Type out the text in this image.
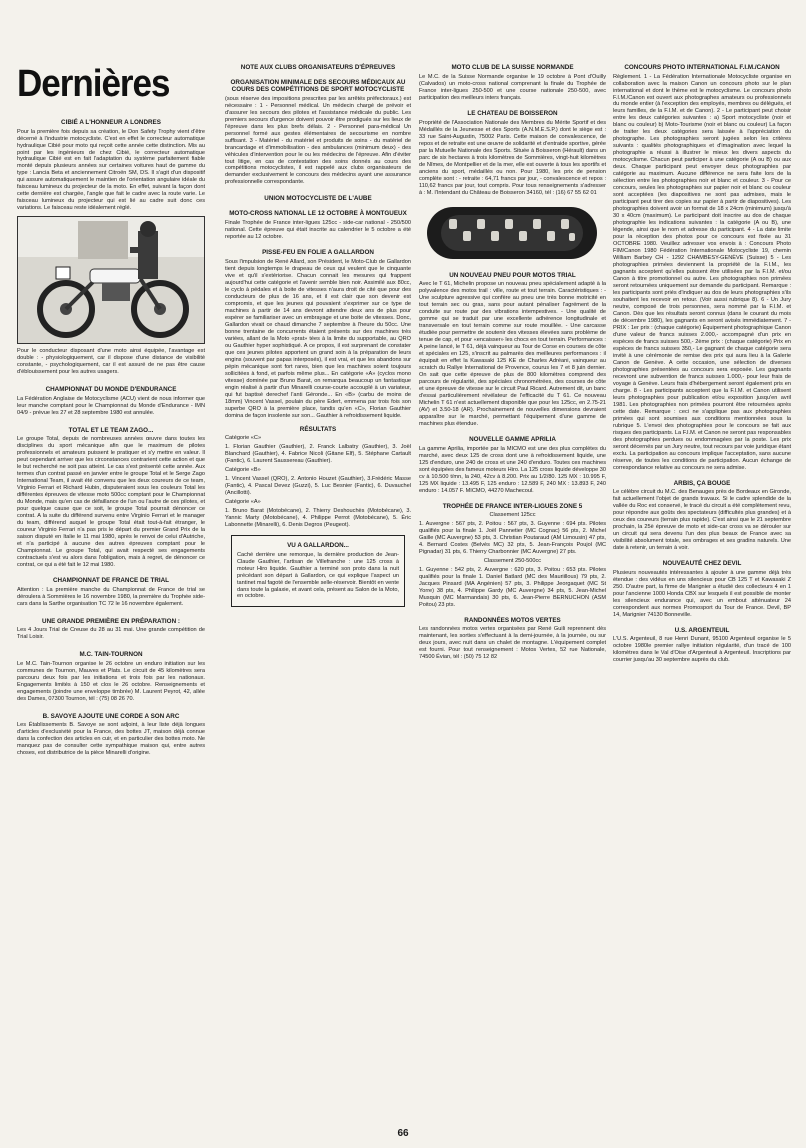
Dernières
CIBIÉ A L'HONNEUR A LONDRES

Pour la première fois depuis sa création, le Don Safety Trophy vient d'être décerné à l'industrie motocycliste. C'est en effet le correcteur automatique hydraulique Cibié pour moto qui reçoit cette année cette distinction. Mis au point par les ingénieurs de chez Cibié, le correcteur automatique hydraulique Cibié est en fait l'adaptation du système parfaitement fiable monté depuis plusieurs années sur certaines voitures haut de gamme du type : Lancia Beta et anciennement Citroën SM, DS. Il s'agit d'un dispositif qui assure automatiquement le maintien de l'orientation angulaire idéale du faisceau lumineux du projecteur de la moto. En effet, suivant la façon dont cette dernière est chargée, l'angle que fait le cadre avec la route varie. Le faisceau lumineux du projecteur qui est lié au cadre suit donc ces variations. Le faisceau reste idéalement réglé.

Pour le conducteur disposant d'une moto ainsi équipée, l'avantage est double : - physiologiquement, car il dispose d'une distance de visibilité constante, - psychologiquement, car il est assuré de ne pas être cause d'éblouissement pour les autres usagers.

CHAMPIONNAT DU MONDE D'ENDURANCE

La Fédération Anglaise de Motocyclisme (ACU) vient de nous informer que leur manche comptant pour le Championnat du Monde d'Endurance - IMN 04/9 - prévue les 27 et 28 septembre 1980 est annulée.

TOTAL ET LE TEAM ZAGO...

Le groupe Total, depuis de nombreuses années œuvre dans toutes les disciplines du sport mécanique afin que le maximum de pilotes professionnels et amateurs puissent le pratiquer et s'y mettre en valeur. Il peut cependant arriver que les circonstances contrarient cette action et que le but recherché ne soit pas atteint. Le cas s'est présenté cette année. Aux termes d'un contrat passé en janvier entre le groupe Total et le Serge Zago International Team, il avait été convenu que les deux coureurs de ce team, Virginio Ferrari et Richard Hubin, disputeraient sous les couleurs Total les différentes épreuves de vitesse moto 500cc comptant pour le Championnat du Monde, mais qu'en cas de défaillance de l'un ou l'autre de ces pilotes, et pour quelque cause que ce soit, le groupe Total pourrait dénoncer ce contrat. A la suite du différend survenu entre Virginio Ferrari et le manager du team, différend auquel le groupe Total était tout-à-fait étranger, le coureur Virginio Ferrari n'a pas pris le départ du premier Grand Prix de la saison disputé en Italie le 11 mai 1980, après le renvoi de celui d'Autriche, et n'a participé à aucune des autres épreuves comptant pour le Championnat. Le groupe Total, qui avait respecté ses engagements contractuels s'est vu alors dans l'obligation, mais à regret, de dénoncer ce contrat, ce qui a été fait le 12 mai 1980.

CHAMPIONNAT DE FRANCE DE TRIAL

Attention : La première manche du Championnat de France de trial se déroulera à Sommières le 16 novembre 1980, la première du Trophée side-cars dans la Sarthe organisation TC 72 le 16 novembre également.

UNE GRANDE PREMIÈRE EN PRÉPARATION :

Les 4 Jours Trial de Creuse du 28 au 31 mai. Une grande compétition de Trial Loisir.

M.C. TAIN-TOURNON

Le M.C. Tain-Tournon organise le 26 octobre un enduro initiation sur les communes de Tournon, Mauves et Plats. Le circuit de 45 kilomètres sera parcouru deux fois par les initiations et trois fois par les nationaux. Engagements limités à 150 et clos le 26 octobre. Renseignements et engagements (joindre une enveloppe timbrée) M. Laurent Peyrot, 42, allée des Dames, 07300 Tournon, tél : (75) 08 26 70.

B. SAVOYE AJOUTE UNE CORDE A SON ARC

Les Établissements B. Savoye se sont adjoint, à leur liste déjà longues d'articles d'exclusivité pour la France, des bottes JT, maison déjà connue dans la confection des articles en cuir, et en particulier des bottes moto. Ne manquez pas de consulter cette sympathique maison qui, entre autres choses, est distributrice de la pièce Minarelli d'origine.

NOTE AUX CLUBS ORGANISATEURS D'ÉPREUVES
ORGANISATION MINIMALE DES SECOURS MÉDICAUX AU COURS DES COMPÉTITIONS DE SPORT MOTOCYCLISTE

(sous réserve des impositions prescrites par les arrêtés préfectoraux.) est nécessaire : 1 - Personnel médical. Un médecin chargé de prévoir et d'assurer les secours des pilotes et l'assistance médicale du public. Les premiers secours d'urgence doivent pouvoir être prodigués sur les lieux de l'épreuve dans les plus brefs délais. 2 - Personnel para-médical Un personnel formé aux gestes élémentaires de secourisme en nombre suffisant. 3 - Matériel - du matériel et produits de soins - du matériel de brancardage et d'immobilisation - des ambulances (minimum deux) - des véhicules d'intervention pour le ou les médecins de l'épreuve. Afin d'éviter tout litige, en cas de contestation des soins donnés au cours des compétitions motocyclistes, il est rappelé aux clubs organisateurs de demander exclusivement le concours des médecins ayant une assurance professionnelle correspondante.

UNION MOTOCYCLISTE DE L'AUBE
MOTO-CROSS NATIONAL LE 12 OCTOBRE À MONTGUEUX

Finale Trophée de France inter-ligues 125cc - side-car national - 250/500 national. Cette épreuve qui était inscrite au calendrier le 5 octobre a été reportée au 12 octobre.

PISSE-FEU EN FOLIE A GALLARDON

Sous l'impulsion de René Allard, son Président, le Moto-Club de Gallardon tient depuis longtemps le drapeau de ceux qui veulent que le cinquante vive et qu'il s'extériorise. Chacun connait les mesures qui frappent aujourd'hui cette catégorie et l'avenir semble bien noir. Assimilé aux 80cc, le cyclo à pédales et à boite de vitesses n'aura droit de cité que pour des conducteurs de plus de 16 ans, et il est clair que son devenir est compromis, et que les jeunes qui pouvaient s'exprimer sur ce type de machines à partir de 14 ans devront attendre deux ans de plus pour espérer se familiariser avec un embrayage et une boite de vitesses. Donc, Gallardon vivait ce chaud dimanche 7 septembre à l'heure du 50cc. Une bonne trentaine de concurrents étaient présents sur des machines très variées, allant de la Moto «prat» tées à la limite du supportable, au QRO ou Gauthier hyper sophistiqué. A ce propos, il est surprenant de constater que ces jeunes pilotes apportent un grand soin à la préparation de leurs engins (souvent par papas interposés), il est vrai, et que les abandons sur pépin mécanique sont fort rares, bien que les machines soient toujours sollicitées à fond, et parfois même plus... En catégorie «A» (cyclos mono vitesse) dominée par Bruno Barat, on remarqua beaucoup un fantastique engin réalisé à partir d'un Minarelli course-courte accouplé à un variateur, qui fut baptisé derechef l'anti Géronde... En «B» (carbu de moins de 18mm) Vincent Vassel, poulain du père Edert, emmena par trois fois son superbe QRO à la première place, tandis qu'en «C», Florian Gauthier domina de façon insolente sur son... Gauthier à refroidissement liquide.

RÉSULTATS

Catégorie «C»

1. Florian Gauthier (Gauthier), 2. Franck Lalbatry (Gauthier), 3. Joël Blanchard (Gauthier), 4. Fabrice Nicoli (Gitane Elf), 5. Stéphane Cartault (Fantic), 6. Laurent Saussereau (Gauthier).

Catégorie «B»

1. Vincent Vassel (QRO), 2. Antonio Houzet (Gauthier), 3.Frédéric Masse (Fantic), 4. Pascal Devez (Guzzi), 5. Luc Besnier (Fantic), 6. Duvauchel (Ancillotti).

Catégorie «A»

1. Bruno Barat (Motobécane), 2. Thierry Deshouchès (Motobécane), 3. Yannic Marty (Motobécane), 4. Philippe Perrot (Motobécane), 5. Éric Labonnette (Minarelli), 6. Denis Degros (Peugeot).

VU A GALLARDON...

Caché derrière une remorque, la dernière production de Jean-Claude Gauthier, l'artisan de Villefranche : une 125 cross à moteur Hiro liquide. Gauthier a terminé son proto dans la nuit précédant son départ à Gallardon, ce qui explique l'aspect un tantinet mal fagoté de l'ensemble selle-réservoir. Bientôt en vente dans toute la galaxie, et avant cela, présent au Salon de la Moto, en octobre.

MOTO CLUB DE LA SUISSE NORMANDE

Le M.C. de la Suisse Normande organise le 19 octobre à Pont d'Ouilly (Calvados) un moto-cross national comprenant la finale du Trophée de France inter-ligues 250-500 et une course nationale 250-500, avec participation des meilleurs inters français.

LE CHATEAU DE BOISSERON

Propriété de l'Association Nationale des Membres du Mérite Sportif et des Médaillés de la Jeunesse et des Sports (A.N.M.E.S.P.) dont le siège est : 33 rue Saint-Augustin, 75002 Paris. Cette maison de convalescence, de repos et de retraite est une œuvre de solidarité et d'entraide sportive, gérée par la Mutuelle Nationale des Sports. Située à Boisseron (Hérault) dans un parc de six hectares à trois kilomètres de Sommières, vingt-huit kilomètres de Nîmes, de Montpellier et de la mer, elle est ouverte à tous les sportifs et anciens du sport, médaillés ou non. Pour 1980, les prix de pension complète sont : - retraite : 64,71 francs par jour, - convalescence et repos : 110,62 francs par jour, tout compris. Pour tous renseignements s'adresser à : M. l'Intendant du Château de Boisseron 34160, tél : (16) 67 55 62 01

UN NOUVEAU PNEU POUR MOTOS TRIAL

Avec le T 61, Michelin propose un nouveau pneu spécialement adapté à la polyvalence des motos trail : ville, route et tout terrain. Caractéristiques : - Une sculpture agressive qui confère au pneu une très bonne motricité en tout terrain sec ou gras, sans pour autant pénaliser l'agrément de la conduite sur route par des vibrations intempestives. - Une qualité de gomme qui se traduit par une excellente adhérence longitudinale et transversale en tout terrain comme sur route mouillée. - Une carcasse étudiée pour permettre de soutenir des vitesses élevées sans problème de tenue de cap, et pour «encaisser» les chocs en tout terrain. Performances : A peine lancé, le T 61, déjà vainqueur au Tour de Corse en courses de côte et spéciales en 125, s'inscrit au palmarès des meilleures performances : il équipait en effet la Kawasaki 125 KE de Charles Adréani, vainqueur au scratch du Rallye International de Provence, courus les 7 et 8 juin dernier. On sait que cette épreuve de plus de 800 kilomètres comprend des parcours de régularité, des spéciales chronométrées, des courses de côte et une épreuve de vitesse sur le circuit Paul Ricard. Autrement dit, un banc d'essai particulièrement révélateur de l'efficacité du T 61. Ce nouveau Michelin T 61 n'est actuellement disponible que pour les 125cc, en 2.75-21 (AV) et 3.50-18 (AR). Prochainement de nouvelles dimensions devraient apparaître sur le marché, permettant l'équipement d'une gamme de machines plus étendue.

NOUVELLE GAMME APRILIA

La gamme Aprilia, importée par la MICMO est une des plus complètes du marché, avec deux 125 de cross dont une à refroidissement liquide, une 125 d'enduro, une 240 de cross et une 240 d'enduro. Toutes ces machines sont équipées des fameux moteurs Hiro. La 125 cross liquide développe 30 cv à 10.500 t/mn, la 240, 42cv à 8.200. Prix au 1/2/80. 125 MX : 10.995 F, 125 MX liquide : 13.495 F, 125 enduro : 12.589 F, 240 MX : 13.893 F, 240 enduro : 14.057 F. MICMO, 44270 Machecoul.

TROPHÉE DE FRANCE INTER-LIGUES ZONE 5

Classement 125cc

1. Auvergne : 567 pts, 2. Poitou : 567 pts, 3. Guyenne : 694 pts. Pilotes qualifiés pour la finale 1. Joël Pannetier (MC Cognac) 56 pts, 2. Michel Gaille (MC Auvergne) 53 pts, 3. Christian Poutaraud (AM Limousin) 47 pts, 4. Bernard Costes (Belvès MC) 32 pts, 5. Jean-François Poujol (MC Pignadar) 31 pts, 6. Thierry Charbonnier (MC Auvergne) 27 pts.

Classement 250-500cc

1. Guyenne : 542 pts, 2. Auvergne : 620 pts, 3. Poitou : 653 pts. Pilotes qualifiés pour la finale 1. Daniel Batlard (MC des Mauriillous) 79 pts, 2. Jacques Pinsard (MA Angénien) 57 pts, 3. Philippe Jeorgaquet (MC St Yorre) 38 pts, 4. Philippe Gardy (MC Auvergne) 34 pts, 5. Jean-Michel Musquin (MC Marmandais) 30 pts, 6. Jean-Pierre BERNUCHON (ASM Poitou) 23 pts.

RANDONNÉES MOTOS VERTES

Les randonnées motos vertes organisées par René Guili reprennent dès maintenant, les sorties s'effectuant à la demi-journée, à la journée, ou sur deux jours, avec nuit dans un chalet de montagne. L'équipement complet est fourni. Pour tout renseignement : Motos Vertes, 52 rue Nationale, 74500 Évian, tél : (50) 75 12 82

CONCOURS PHOTO INTERNATIONAL F.I.M./CANON

Règlement. 1 - La Fédération Internationale Motocycliste organise en collaboration avec la maison Canon un concours photo sur le plan international et dont le thème est le motocyclisme. Le concours photo F.I.M./Canon est ouvert aux photographes amateurs ou professionnels du monde entier (à l'exception des employés, membres ou délégués, et leurs familles, de la F.I.M. et de Canon). 2 - Le participant peut choisir entre les deux catégories suivantes : a) Sport motocycliste (noir et blanc ou couleur) b) Moto-Tourisme (noir et blanc ou couleur) La façon de traiter les deux catégories sera laissée à l'appréciation du photographe. Les photographies seront jugées selon les critères suivants : qualités photographiques et d'imagination avec lequel la photographie a réussi à illustrer le mieux les divers aspects du motocyclisme. Chacun peut participer à une catégorie (A ou B) ou aux deux. Chaque participant peut envoyer deux photographies par catégorie au maximum. Aucune différence ne sera faite lors de la sélection entre les photographies noir et blanc et couleur. 3 - Pour ce concours, seules les photographies sur papier noir et blanc ou couleur sont acceptées (les diapositives ne sont pas admises, mais le participant peut tirer des copies sur papier à partir de diapositives). Les photographies doivent avoir un format de 18 x 24cm (minimum) jusqu'à 30 x 40cm (maximum). Le participant doit inscrire au dos de chaque photographie les indications suivantes : la catégorie (A ou B), une légende, ainsi que le nom et adresse du participant. 4 - La date limite pour la réception des photos pour ce concours est fixée au 31 OCTOBRE 1980. Veuillez adresser vos envois à : Concours Photo FIM/Canon 1980 Fédération Internationale Motocycliste 19, chemin William Barbey CH - 1292 CHAMBESY-GENÈVE (Suisse) 5 - Les photographies primées deviennent la propriété de la F.I.M., les gagnants acceptent qu'elles puissent être utilisées par la F.I.M. et/ou Canon à titre promotionnel ou autre. Les photographies non primées seront retournées uniquement sur demande du participant. Remarque : les participants sont priés d'indiquer au dos de leurs photographies s'ils souhaitent les recevoir en retour. (Voir aussi rubrique 8). 6 - Un Jury neutre, composé de trois personnes, sera nommé par la F.I.M. et Canon. Dès que les résultats seront connus (dans le courant du mois de décembre 1980), les gagnants en seront avisés immédiatement. 7 - PRIX : 1er prix : (chaque catégorie) Équipement photographique Canon d'une valeur de francs suisses 2.000,- accompagné d'un prix en espèces de francs suisses 500,- 2ème prix : (chaque catégorie) Prix en espèces de francs suisses 350,- Le gagnant de chaque catégorie sera invité à une cérémonie de remise des prix qui aura lieu à la Galerie Canon de Genève. A cette occasion, une sélection de diverses photographies présentées au concours sera exposée. Les gagnants recevront une subvention de francs suisses 1.000,- pour leur frais de voyage à Genève. Leurs frais d'hébergement seront également pris en charge. 8 - Les participants acceptent que la F.I.M. et Canon utilisent leurs photographies pour publication et/ou exposition jusqu'en avril 1981. Les photographies non primées pourront être retournées après cette date. Remarque : ceci ne s'applique pas aux photographies primées qui sont soumises aux conditions mentionnées sous la rubrique 5. L'envoi des photographies pour le concours se fait aux risques des participants. La F.I.M. et Canon ne seront pas responsables des photographies perdues ou endommagées par la poste. Les prix seront décernés par un Jury neutre, tout recours par voie juridique étant exclu. La participation au concours implique l'acceptation, sans aucune réserve, de toutes les conditions de participation. Aucun échange de correspondance relative au concours ne sera admise.

ARBIS, ÇA BOUGE

Le célèbre circuit du M.C. des Benauges près de Bordeaux en Gironde, fait actuellement l'objet de grands travaux. Si le cadre splendide de la vallée du Roc est conservé, le tracé du circuit a été complètement revu, pour répondre aux goûts des spectateurs (difficultés plus grandes) et à ceux des coureurs (terrain plus rapide). C'est ainsi que le 21 septembre prochain, la 25è épreuve de moto et side-car cross va se dérouler sur un circuit qui sera devenu l'un des plus beaux de France avec sa visibilité absolument totale, ses ombrages et ses gradins naturels. Une date à retenir, un terrain à voir.

NOUVEAUTÉ CHEZ DEVIL

Plusieurs nouveautés intéressantes à ajouter à une gamme déjà très étendue : des vidéux en uns silencieux pour CB 125 T et Kawasaki Z 250. D'autre part, la firme de Marignier a étudié des collecteurs 4 en 1 pour l'ancienne 1000 Honda CBX sur lesquels il est possible de monter les silencieux endurance qui, avec un embout atténuateur 24 correspondent aux normes Promosport du Tour de France. Devil, BP 14, Marignier 74130 Bonneville.

U.S. ARGENTEUIL

L'U.S. Argenteuil, 8 rue Henri Dunant, 95100 Argenteuil organise le 5 octobre 1980le premier rallye initiation régularité, d'un tracé de 100 kilomètres dans le Val d'Oise d'Argenteuil à Argenteuil. Inscriptions par courrier jusqu'au 30 septembre auprès du club.

66
